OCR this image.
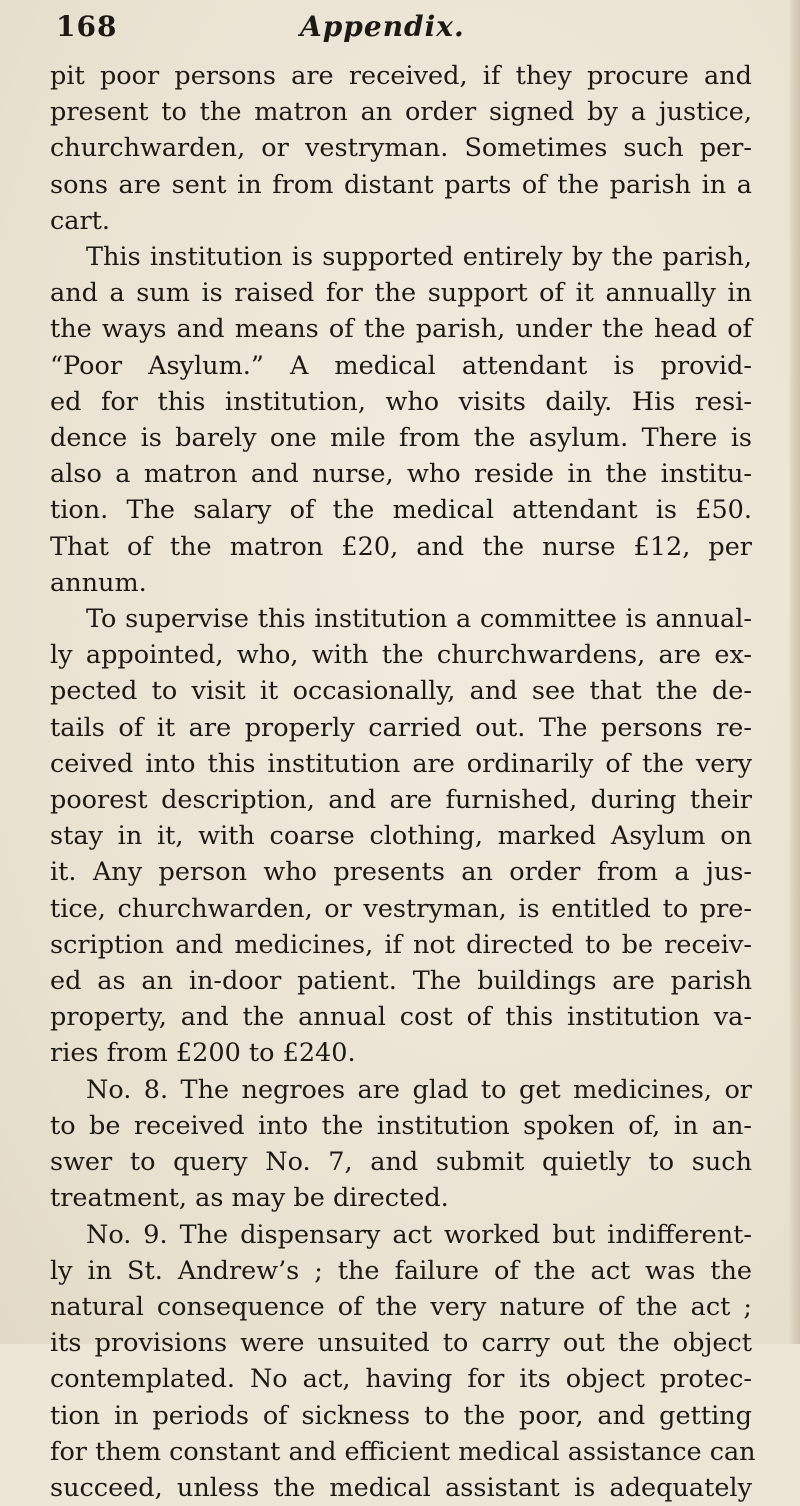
168	Appendix.
pit poor persons are received, if they procure and
present to the matron an order signed by a justice,
churchwarden, or vestryman. Sometimes such per-
sons are sent in from distant parts of the parish in a
cart.
This institution is supported entirely by the parish,
and a sum is raised for the support of it annually in
the ways and means of the parish, under the head of
“Poor Asylum.” A medical attendant is provid-
ed for this institution, who visits daily. His resi-
dence is barely one mile from the asylum. There is
also a matron and nurse, who reside in the institu-
tion. The salary of the medical attendant is £50.
That of the matron £20, and the nurse £12, per
annum.
To supervise this institution a committee is annual-
ly appointed, who, with the churchwardens, are ex-
pected to visit it occasionally, and see that the de-
tails of it are properly carried out. The persons re-
ceived into this institution are ordinarily of the very
poorest description, and are furnished, during their
stay in it, with coarse clothing, marked Asylum on
it. Any person who presents an order from a jus-
tice, churchwarden, or vestryman, is entitled to pre-
scription and medicines, if not directed to be receiv-
ed as an in-door patient. The buildings are parish
property, and the annual cost of this institution va-
ries from £200 to £240.
No. 8. The negroes are glad to get medicines, or
to be received into the institution spoken of, in an-
swer to query No. 7, and submit quietly to such
treatment, as may be directed.
No. 9. The dispensary act worked but indifferent-
ly in St. Andrew’s ; the failure of the act was the
natural consequence of the very nature of the act ;
its provisions were unsuited to carry out the object
contemplated. No act, having for its object protec-
tion in periods of sickness to the poor, and getting
for them constant and efficient medical assistance can
succeed, unless the medical assistant is adequately
